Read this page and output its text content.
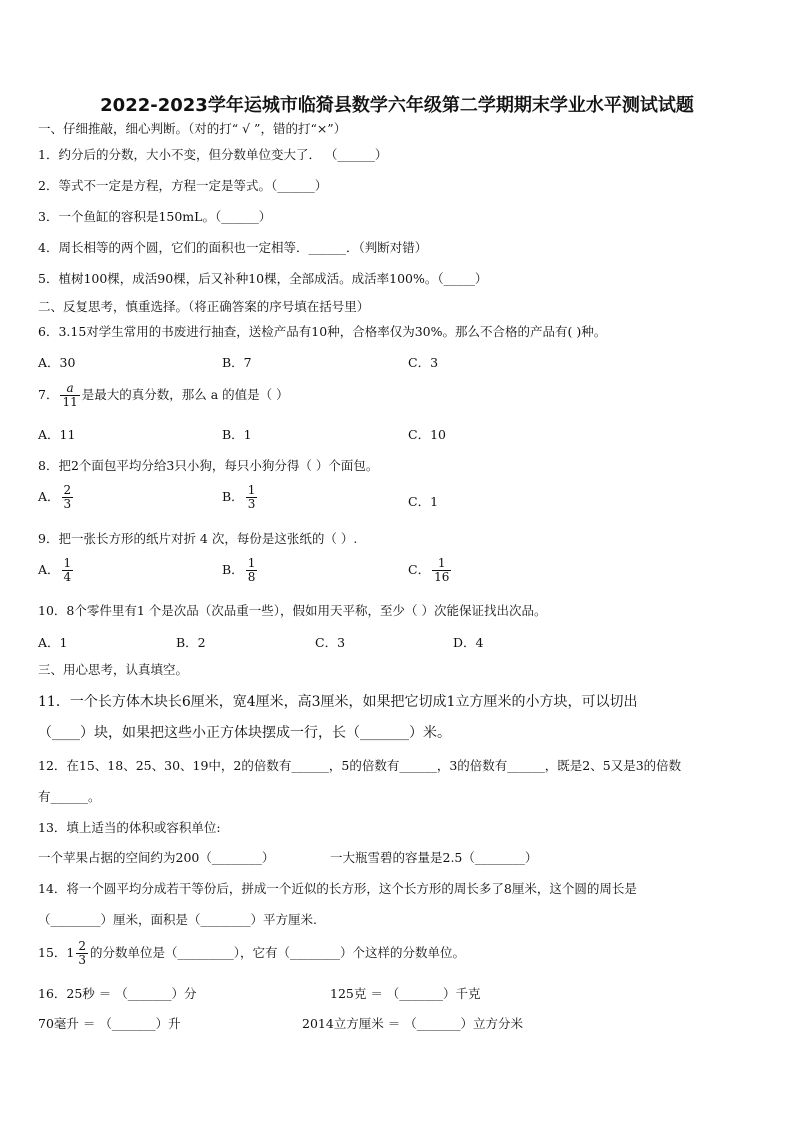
2022-2023学年运城市临猗县数学六年级第二学期期末学业水平测试试题
一、仔细推敲，细心判断。（对的打“ √ ”，错的打“×”）
1．约分后的分数，大小不变，但分数单位变大了． （______）
2．等式不一定是方程，方程一定是等式。（______）
3．一个鱼缸的容积是150mL。（______）
4．周长相等的两个圆，它们的面积也一定相等．______．（判断对错）
5．植树100棵，成活90棵，后又补种10棵，全部成活。成活率100%。（_____）
二、反复思考，慎重选择。（将正确答案的序号填在括号里）
6．3.15对学生常用的书废进行抽查，送检产品有10种，合格率仅为30%。那么不合格的产品有( )种。
A．30	B．7	C．3
7． $\frac{a}{11}$ 是最大的真分数，那么 a 的值是（ ）
A．11	B．1	C．10
8．把2个面包平均分给3只小狗，每只小狗分得（ ）个面包。
A． $\frac{2}{3}$	B． $\frac{1}{3}$	C．1
9．把一张长方形的纸片对折 4 次，每份是这张纸的（ ）.
A． $\frac{1}{4}$	B． $\frac{1}{8}$	C． $\frac{1}{16}$
10．8个零件里有1 个是次品（次品重一些），假如用天平称，至少（ ）次能保证找出次品。
A．1	B．2	C．3	D．4
三、用心思考，认真填空。
11．一个长方体木块长6厘米，宽4厘米，高3厘米，如果把它切成1立方厘米的小方块，可以切出
（____）块，如果把这些小正方体块摆成一行，长（_______）米。
12．在15、18、25、30、19中，2的倍数有______，5的倍数有______，3的倍数有______，既是2、5又是3的倍数
有______。
13．填上适当的体积或容积单位:
一个苹果占据的空间约为200（________）	一大瓶雪碧的容量是2.5（________）
14．将一个圆平均分成若干等份后，拼成一个近似的长方形，这个长方形的周长多了8厘米，这个圆的周长是
（________）厘米，面积是（________）平方厘米.
15．$1 \frac{2}{3}$ 的分数单位是（_________），它有（________）个这样的分数单位。
16．25秒 ＝ （_______）分	125克 ＝ （_______）千克
70毫升 ＝ （_______）升	2014立方厘米 ＝ （_______）立方分米
